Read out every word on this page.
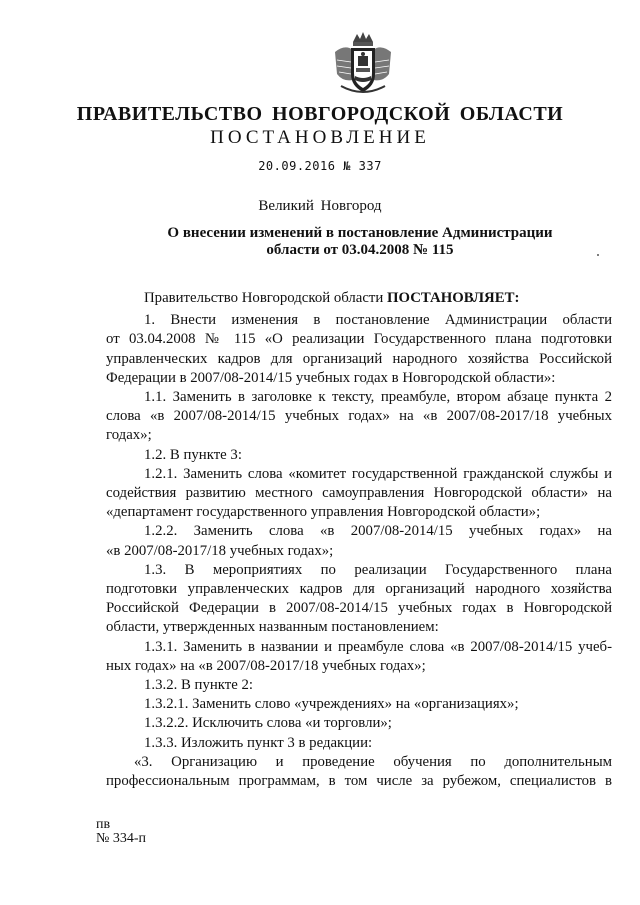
ПРАВИТЕЛЬСТВО НОВГОРОДСКОЙ ОБЛАСТИ
ПОСТАНОВЛЕНИЕ
20.09.2016 № 337
Великий Новгород
О внесении изменений в постановление Администрации
области от 03.04.2008 № 115

Правительство Новгородской области ПОСТАНОВЛЯЕТ:

1. Внести изменения в постановление Администрации области

от 03.04.2008 № 115 «О реализации Государственного плана подготовки

управленческих кадров для организаций народного хозяйства Российской

Федерации в 2007/08-2014/15 учебных годах в Новгородской области»:

1.1. Заменить в заголовке к тексту, преамбуле, втором абзаце пункта 2

слова «в 2007/08-2014/15 учебных годах» на «в 2007/08-2017/18 учебных

годах»;

1.2. В пункте 3:

1.2.1. Заменить слова «комитет государственной гражданской службы и

содействия развитию местного самоуправления Новгородской области» на

«департамент государственного управления Новгородской области»;

1.2.2. Заменить слова «в 2007/08-2014/15 учебных годах» на

«в 2007/08-2017/18 учебных годах»;

1.3. В мероприятиях по реализации Государственного плана

подготовки управленческих кадров для организаций народного хозяйства

Российской Федерации в 2007/08-2014/15 учебных годах в Новгородской

области, утвержденных названным постановлением:

1.3.1. Заменить в названии и преамбуле слова «в 2007/08-2014/15 учеб-

ных годах» на «в 2007/08-2017/18 учебных годах»;

1.3.2. В пункте 2:

1.3.2.1. Заменить слово «учреждениях» на «организациях»;

1.3.2.2. Исключить слова «и торговли»;

1.3.3. Изложить пункт 3 в редакции:

«3. Организацию и проведение обучения по дополнительным

профессиональным программам, в том числе за рубежом, специалистов в

пв
№ 334-п
